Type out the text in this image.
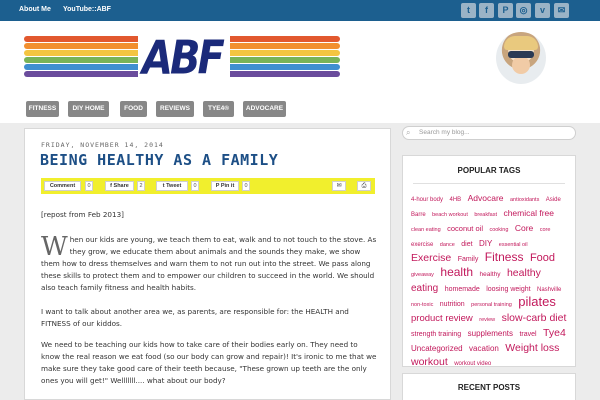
About Me YouTube::ABF	t	f	P	◎	v	✉
ABF
FITNESS	DIY HOME	FOOD	REVIEWS	TYE4®	ADVOCARE
FRIDAY, NOVEMBER 14, 2014
BEING HEALTHY AS A FAMILY
Comment	0	f Share	2	t Tweet	0	P Pin it	0	✉	⎙
[repost from Feb 2013]
When our kids are young, we teach them to eat, walk and to not touch to the stove. As they grow, we educate them about animals and the sounds they make, we show them how to dress themselves and warn them to not run out into the street. We pass along these skills to protect them and to empower our children to succeed in the world. We should also teach family fitness and health habits.
I want to talk about another area we, as parents, are responsible for: the HEALTH and FITNESS of our kiddos.
We need to be teaching our kids how to take care of their bodies early on. They need to know the real reason we eat food (so our body can grow and repair)! It's ironic to me that we make sure they take good care of their teeth because, "These grown up teeth are the only ones you will get!" Welllllll.... what about our body?
Search my blog...
⌕
POPULAR TAGS
4-hour body 4HB Advocare antioxidants Aside Barre beach workout breakfast chemical free clean eating coconut oil cooking Core core exercise dance diet DIY essential oil Exercise Family Fitness Food giveaway health healthy healthy eating homemade loosing weight Nashville non-toxic nutrition personal training pilates product review review slow-carb diet strength training supplements travel Tye4 Uncategorized vacation Weight loss workout workout video
RECENT POSTS
